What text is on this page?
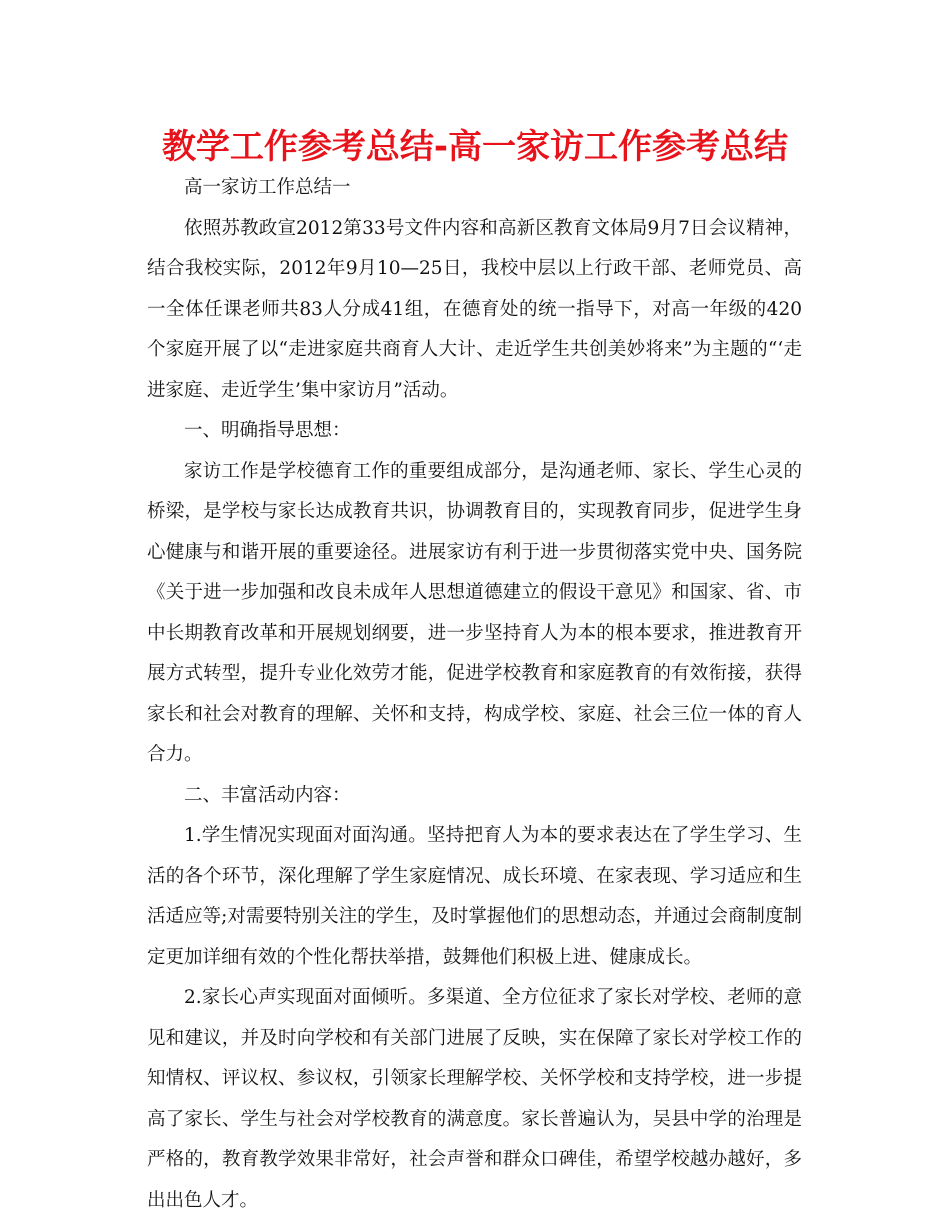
教学工作参考总结-高一家访工作参考总结

高一家访工作总结一

依照苏教政宣2012第33号文件内容和高新区教育文体局9月7日会议精神，结合我校实际，2012年9月10—25日，我校中层以上行政干部、老师党员、高一全体任课老师共83人分成41组，在德育处的统一指导下，对高一年级的420个家庭开展了以“走进家庭共商育人大计、走近学生共创美妙将来”为主题的“‘走进家庭、走近学生’集中家访月”活动。

一、明确指导思想：

家访工作是学校德育工作的重要组成部分，是沟通老师、家长、学生心灵的桥梁，是学校与家长达成教育共识，协调教育目的，实现教育同步，促进学生身心健康与和谐开展的重要途径。进展家访有利于进一步贯彻落实党中央、国务院《关于进一步加强和改良未成年人思想道德建立的假设干意见》和国家、省、市中长期教育改革和开展规划纲要，进一步坚持育人为本的根本要求，推进教育开展方式转型，提升专业化效劳才能，促进学校教育和家庭教育的有效衔接，获得家长和社会对教育的理解、关怀和支持，构成学校、家庭、社会三位一体的育人合力。

二、丰富活动内容：

1.学生情况实现面对面沟通。坚持把育人为本的要求表达在了学生学习、生活的各个环节，深化理解了学生家庭情况、成长环境、在家表现、学习适应和生活适应等;对需要特别关注的学生，及时掌握他们的思想动态，并通过会商制度制定更加详细有效的个性化帮扶举措，鼓舞他们积极上进、健康成长。

2.家长心声实现面对面倾听。多渠道、全方位征求了家长对学校、老师的意见和建议，并及时向学校和有关部门进展了反映，实在保障了家长对学校工作的知情权、评议权、参议权，引领家长理解学校、关怀学校和支持学校，进一步提高了家长、学生与社会对学校教育的满意度。家长普遍认为，吴县中学的治理是严格的，教育教学效果非常好，社会声誉和群众口碑佳，希望学校越办越好，多出出色人才。
